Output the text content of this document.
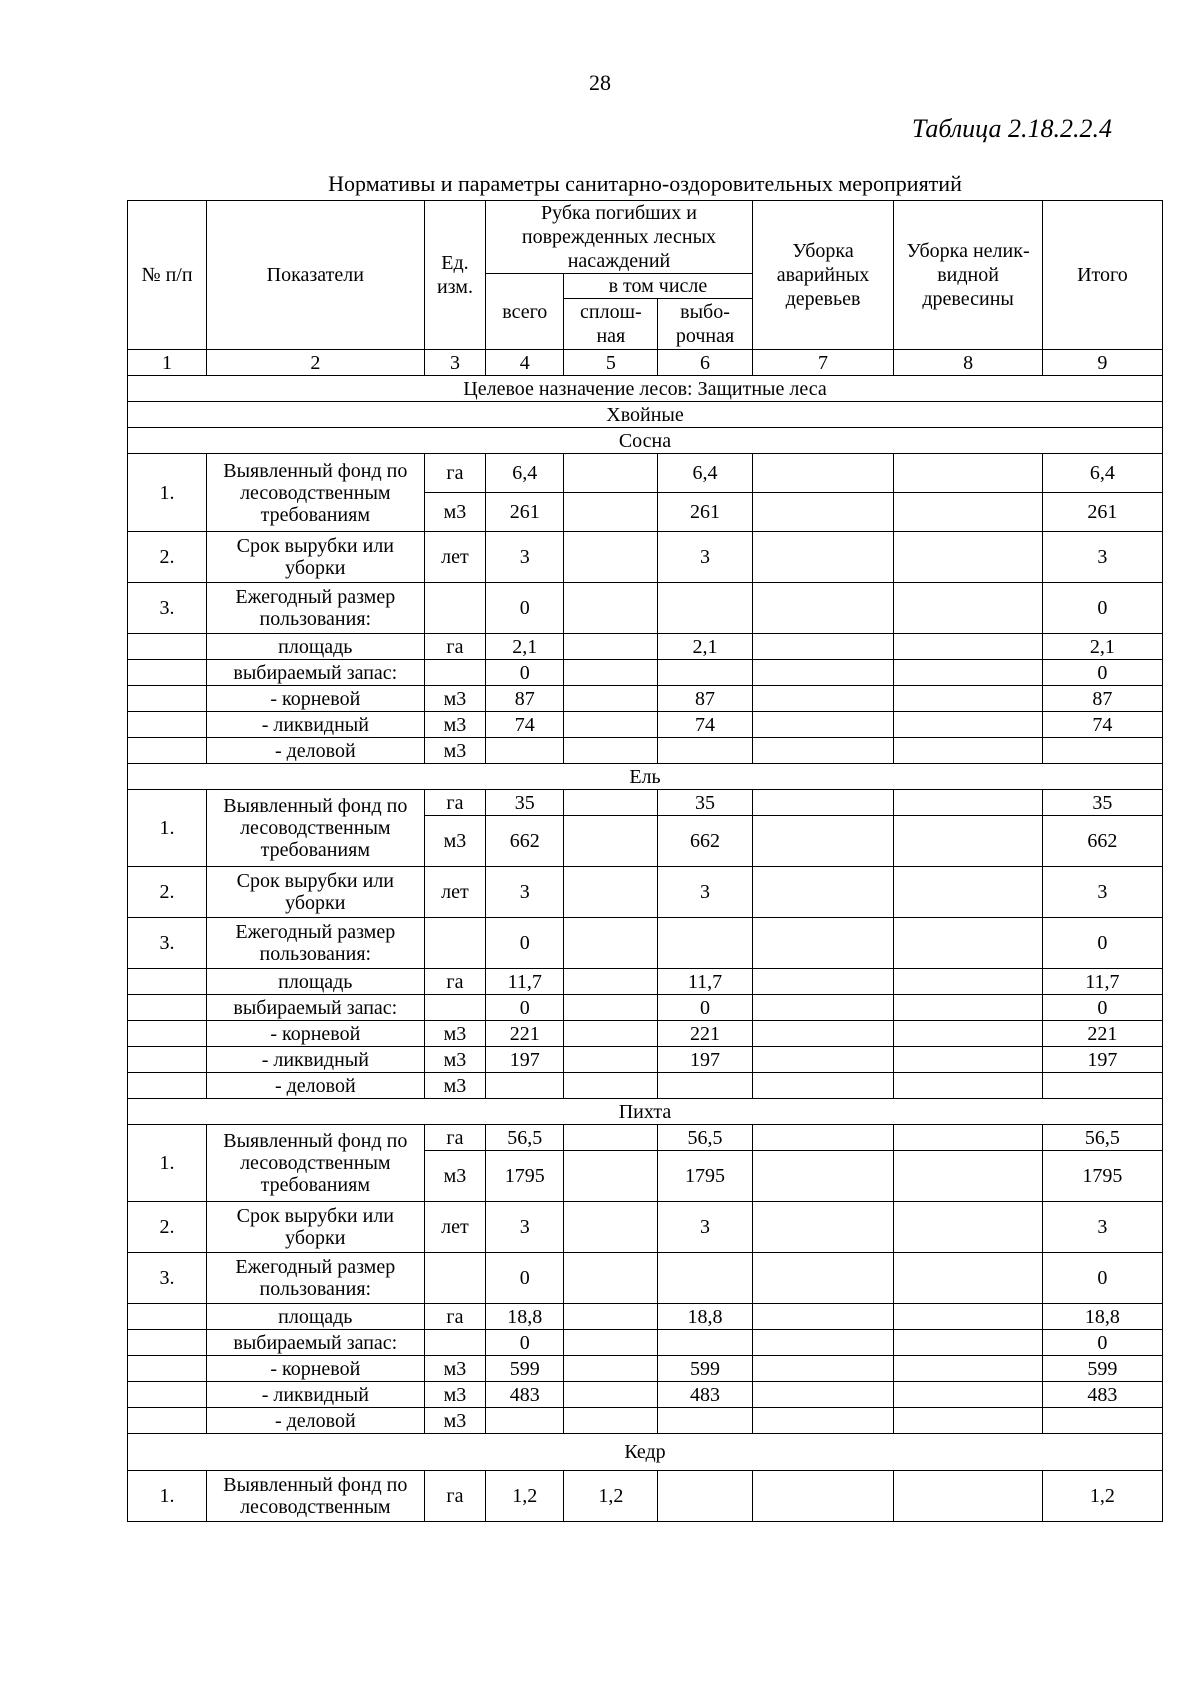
28
Таблица 2.18.2.2.4
Нормативы и параметры санитарно-оздоровительных мероприятий
№ п/п	Показатели	Ед. изм.	Рубка погибших и поврежденных лесных насаждений			Уборка аварийных деревьев	Уборка нелик-видной древесины	Итого
			всего	в том числе				
				сплош-ная	выбо-рочная			

1	2	3	4	5	6	7	8	9
Целевое назначение лесов: Защитные леса								
Хвойные								
Сосна								
1.	Выявленный фонд по лесоводственным требованиям	га	6,4		6,4			6,4
		м3	261		261			261
2.	Срок вырубки или уборки	лет	3		3			3
3.	Ежегодный размер пользования:		0					0
	площадь	га	2,1		2,1			2,1
	выбираемый запас:		0					0
	- корневой	м3	87		87			87
	- ликвидный	м3	74		74			74
	- деловой	м3						
Ель								
1.	Выявленный фонд по лесоводственным требованиям	га	35		35			35
		м3	662		662			662
2.	Срок вырубки или уборки	лет	3		3			3
3.	Ежегодный размер пользования:		0					0
	площадь	га	11,7		11,7			11,7
	выбираемый запас:		0		0			0
	- корневой	м3	221		221			221
	- ликвидный	м3	197		197			197
	- деловой	м3						
Пихта								
1.	Выявленный фонд по лесоводственным требованиям	га	56,5		56,5			56,5
		м3	1795		1795			1795
2.	Срок вырубки или уборки	лет	3		3			3
3.	Ежегодный размер пользования:		0					0
	площадь	га	18,8		18,8			18,8
	выбираемый запас:		0					0
	- корневой	м3	599		599			599
	- ликвидный	м3	483		483			483
	- деловой	м3						
Кедр								
1.	Выявленный фонд по лесоводственным	га	1,2	1,2				1,2
